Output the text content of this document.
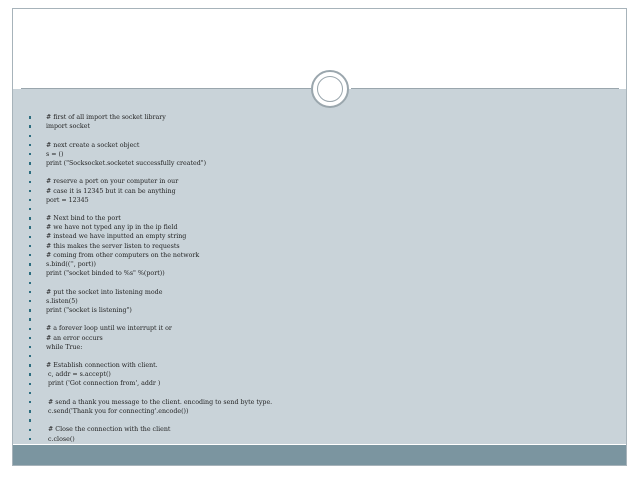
# first of all import the socket library
import socket
# next create a socket object
s = ()
print ("Socksocket.socketet successfully created")
# reserve a port on your computer in our
# case it is 12345 but it can be anything
port = 12345
# Next bind to the port
# we have not typed any ip in the ip field
# instead we have inputted an empty string
# this makes the server listen to requests
# coming from other computers on the network
s.bind(('', port))
print ("socket binded to %s" %(port))
# put the socket into listening mode
s.listen(5)
print ("socket is listening")
# a forever loop until we interrupt it or
# an error occurs
while True:
# Establish connection with client.
c, addr = s.accept()
print ('Got connection from', addr )
# send a thank you message to the client. encoding to send byte type.
c.send('Thank you for connecting'.encode())
# Close the connection with the client
c.close()
